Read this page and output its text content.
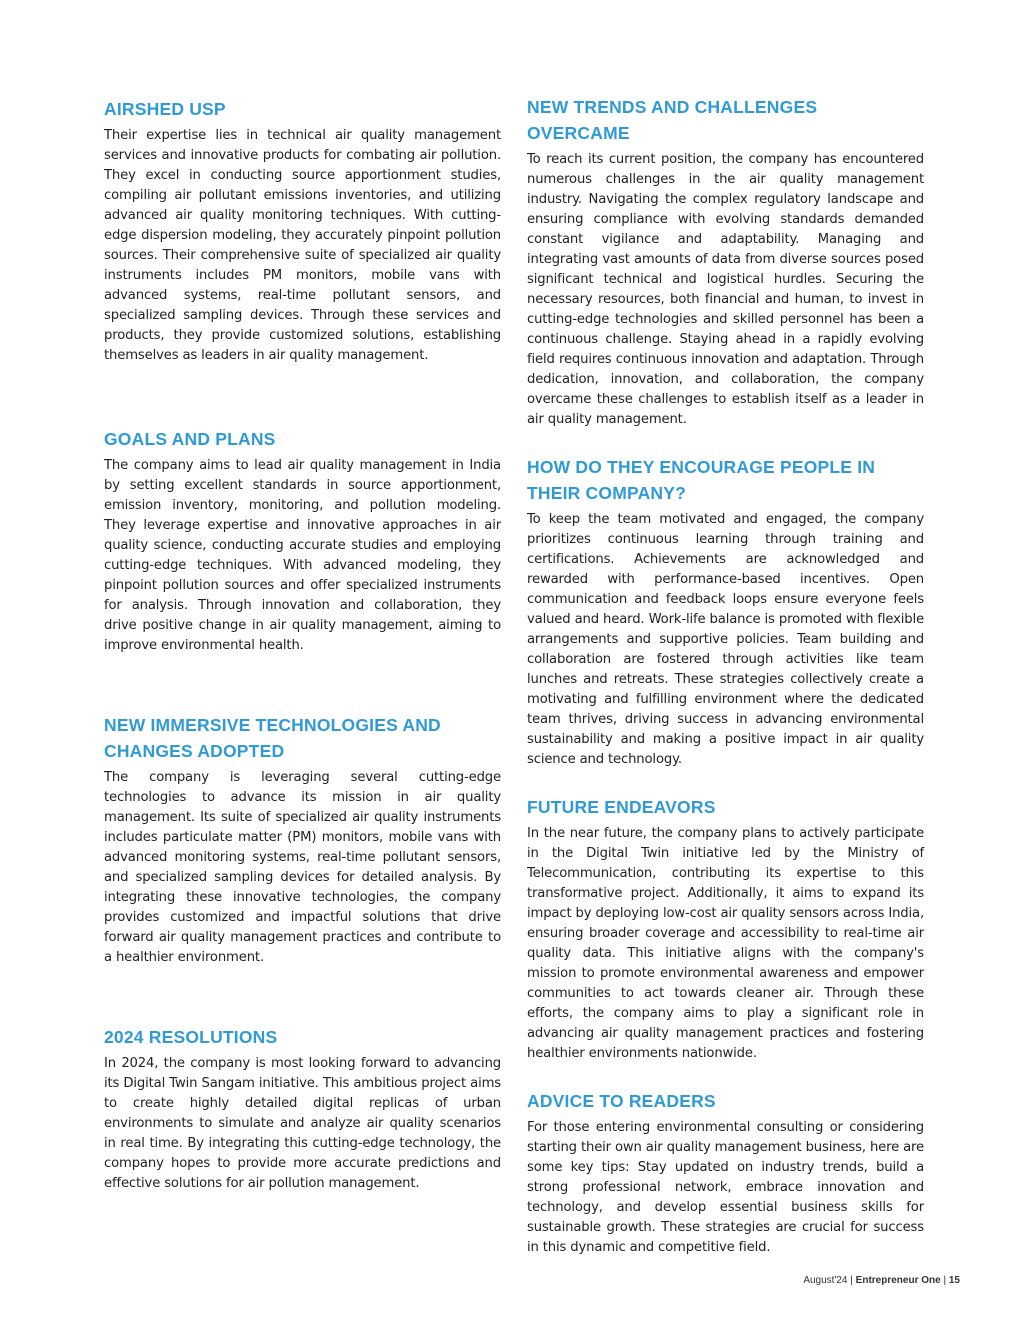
AIRSHED USP

Their expertise lies in technical air quality management services and innovative products for combating air pollution. They excel in conducting source apportionment studies, compiling air pollutant emissions inventories, and utilizing advanced air quality monitoring techniques. With cutting-edge dispersion modeling, they accurately pinpoint pollution sources. Their comprehensive suite of specialized air quality instruments includes PM monitors, mobile vans with advanced systems, real-time pollutant sensors, and specialized sampling devices. Through these services and products, they provide customized solutions, establishing themselves as leaders in air quality management.

GOALS AND PLANS

The company aims to lead air quality management in India by setting excellent standards in source apportionment, emission inventory, monitoring, and pollution modeling. They leverage expertise and innovative approaches in air quality science, conducting accurate studies and employing cutting-edge techniques. With advanced modeling, they pinpoint pollution sources and offer specialized instruments for analysis. Through innovation and collaboration, they drive positive change in air quality management, aiming to improve environmental health.

NEW IMMERSIVE TECHNOLOGIES AND CHANGES ADOPTED

The company is leveraging several cutting-edge technologies to advance its mission in air quality management. Its suite of specialized air quality instruments includes particulate matter (PM) monitors, mobile vans with advanced monitoring systems, real-time pollutant sensors, and specialized sampling devices for detailed analysis. By integrating these innovative technologies, the company provides customized and impactful solutions that drive forward air quality management practices and contribute to a healthier environment.

2024 RESOLUTIONS

In 2024, the company is most looking forward to advancing its Digital Twin Sangam initiative. This ambitious project aims to create highly detailed digital replicas of urban environments to simulate and analyze air quality scenarios in real time. By integrating this cutting-edge technology, the company hopes to provide more accurate predictions and effective solutions for air pollution management.

NEW TRENDS AND CHALLENGES OVERCAME

To reach its current position, the company has encountered numerous challenges in the air quality management industry. Navigating the complex regulatory landscape and ensuring compliance with evolving standards demanded constant vigilance and adaptability. Managing and integrating vast amounts of data from diverse sources posed significant technical and logistical hurdles. Securing the necessary resources, both financial and human, to invest in cutting-edge technologies and skilled personnel has been a continuous challenge. Staying ahead in a rapidly evolving field requires continuous innovation and adaptation. Through dedication, innovation, and collaboration, the company overcame these challenges to establish itself as a leader in air quality management.

HOW DO THEY ENCOURAGE PEOPLE IN THEIR COMPANY?

To keep the team motivated and engaged, the company prioritizes continuous learning through training and certifications. Achievements are acknowledged and rewarded with performance-based incentives. Open communication and feedback loops ensure everyone feels valued and heard. Work-life balance is promoted with flexible arrangements and supportive policies. Team building and collaboration are fostered through activities like team lunches and retreats. These strategies collectively create a motivating and fulfilling environment where the dedicated team thrives, driving success in advancing environmental sustainability and making a positive impact in air quality science and technology.

FUTURE ENDEAVORS

In the near future, the company plans to actively participate in the Digital Twin initiative led by the Ministry of Telecommunication, contributing its expertise to this transformative project. Additionally, it aims to expand its impact by deploying low-cost air quality sensors across India, ensuring broader coverage and accessibility to real-time air quality data. This initiative aligns with the company's mission to promote environmental awareness and empower communities to act towards cleaner air. Through these efforts, the company aims to play a significant role in advancing air quality management practices and fostering healthier environments nationwide.

ADVICE TO READERS

For those entering environmental consulting or considering starting their own air quality management business, here are some key tips: Stay updated on industry trends, build a strong professional network, embrace innovation and technology, and develop essential business skills for sustainable growth. These strategies are crucial for success in this dynamic and competitive field.

August'24 | Entrepreneur One | 15
